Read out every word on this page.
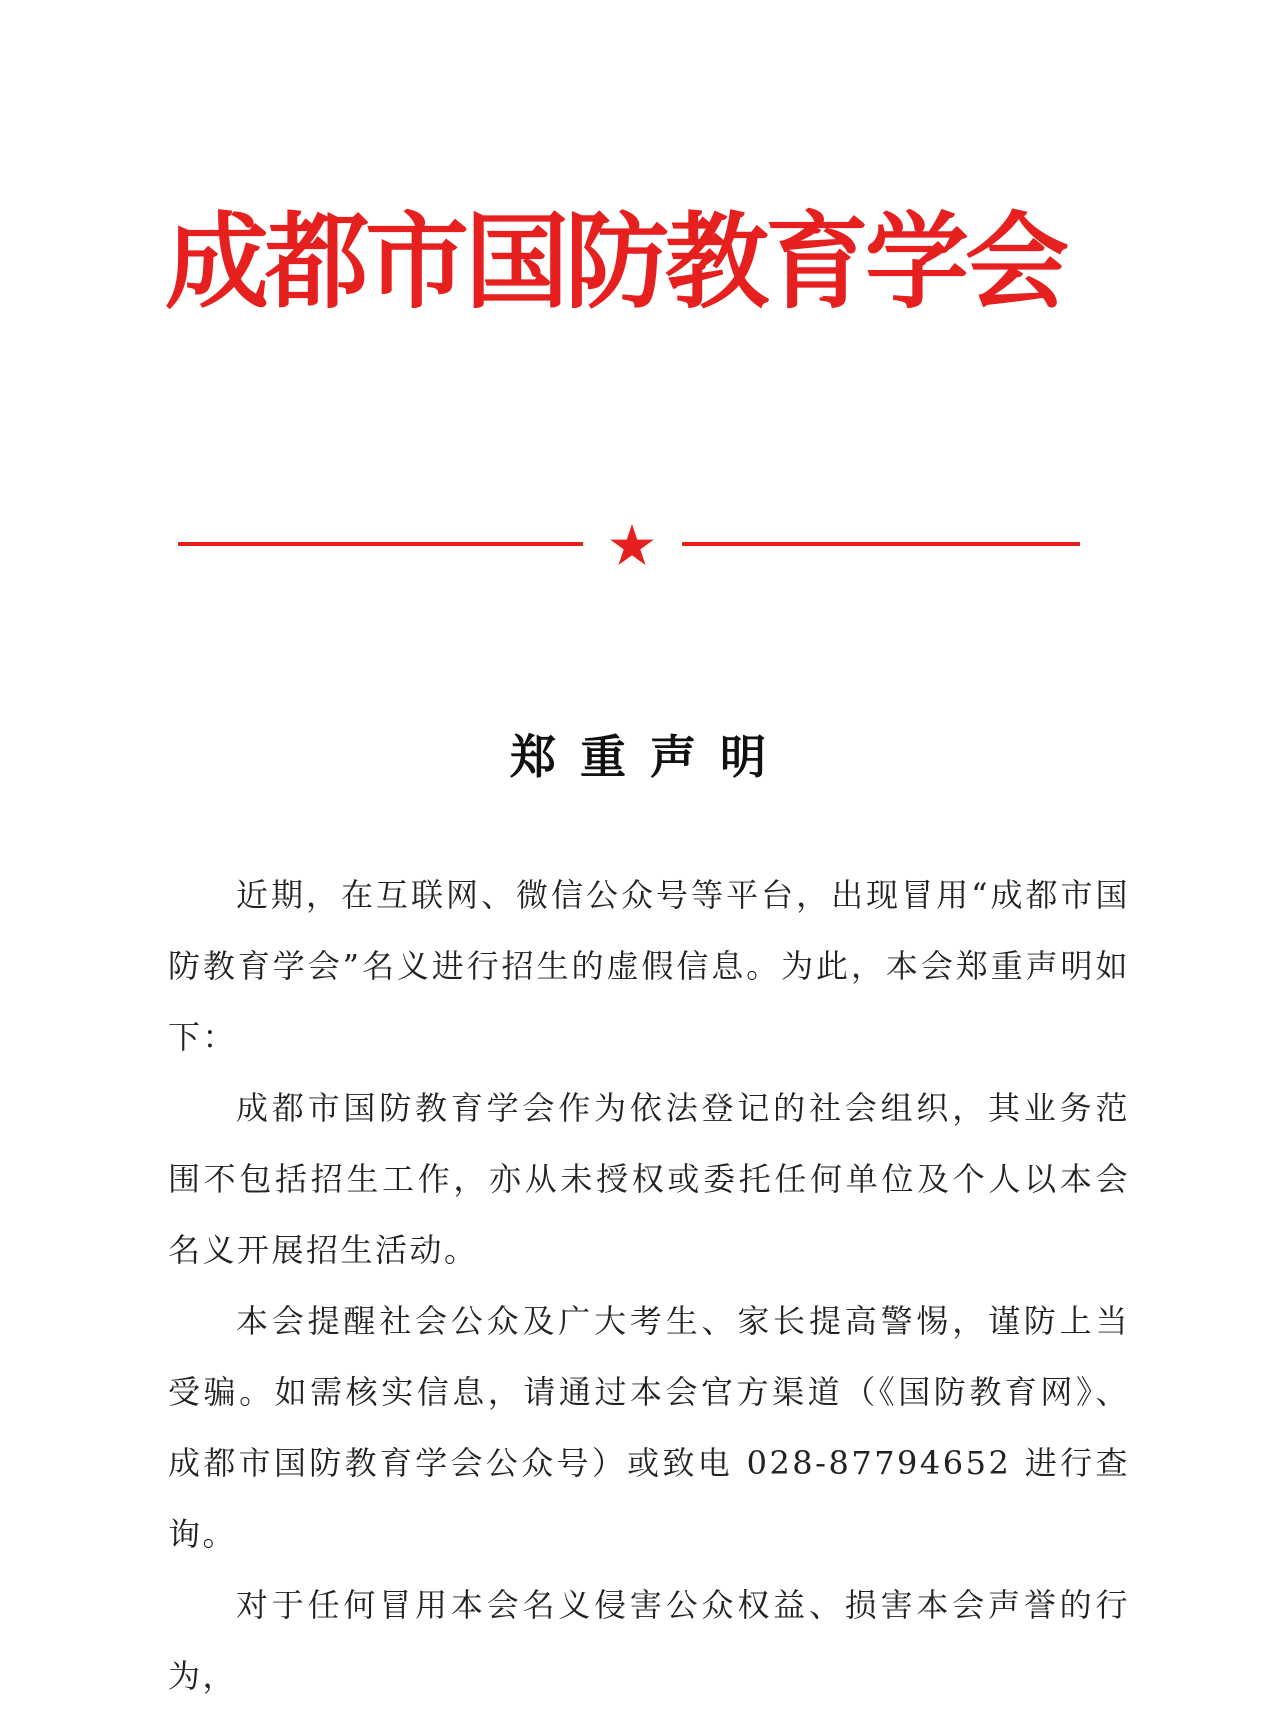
成都市国防教育学会
郑重声明

近期，在互联网、微信公众号等平台，出现冒用“成都市国防教育学会”名义进行招生的虚假信息。为此，本会郑重声明如下：

成都市国防教育学会作为依法登记的社会组织，其业务范围不包括招生工作，亦从未授权或委托任何单位及个人以本会名义开展招生活动。

本会提醒社会公众及广大考生、家长提高警惕，谨防上当受骗。如需核实信息，请通过本会官方渠道（《国防教育网》、成都市国防教育学会公众号）或致电 028-87794652 进行查询。

对于任何冒用本会名义侵害公众权益、损害本会声誉的行为，
